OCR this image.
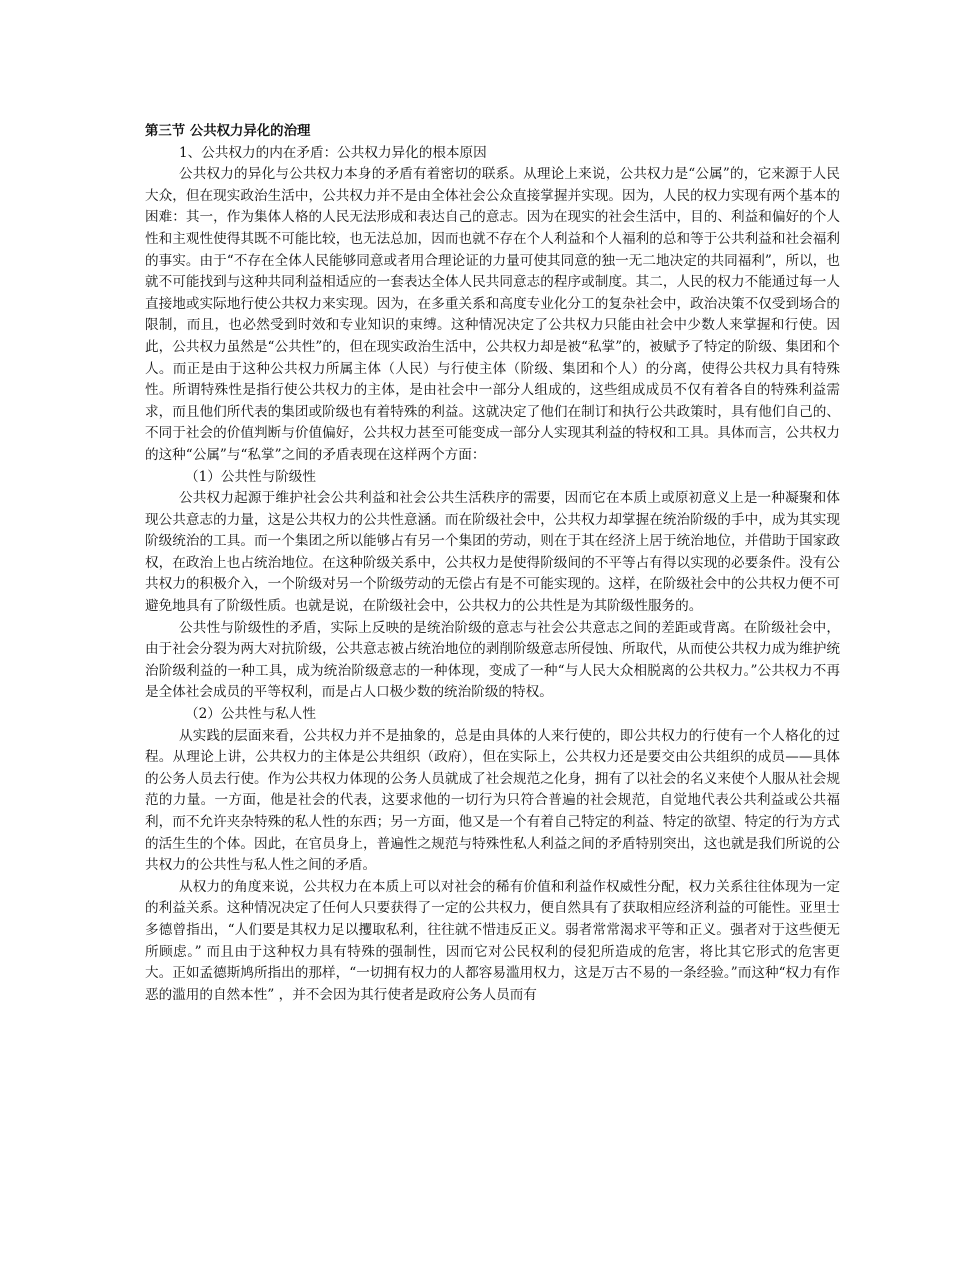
第三节 公共权力异化的治理

1、公共权力的内在矛盾：公共权力异化的根本原因

公共权力的异化与公共权力本身的矛盾有着密切的联系。从理论上来说，公共权力是“公属”的，它来源于人民大众，但在现实政治生活中，公共权力并不是由全体社会公众直接掌握并实现。因为，人民的权力实现有两个基本的困难：其一，作为集体人格的人民无法形成和表达自己的意志。因为在现实的社会生活中，目的、利益和偏好的个人性和主观性使得其既不可能比较，也无法总加，因而也就不存在个人利益和个人福利的总和等于公共利益和社会福利的事实。由于“不存在全体人民能够同意或者用合理论证的力量可使其同意的独一无二地决定的共同福利”，所以，也就不可能找到与这种共同利益相适应的一套表达全体人民共同意志的程序或制度。其二，人民的权力不能通过每一人直接地或实际地行使公共权力来实现。因为，在多重关系和高度专业化分工的复杂社会中，政治决策不仅受到场合的限制，而且，也必然受到时效和专业知识的束缚。这种情况决定了公共权力只能由社会中少数人来掌握和行使。因此，公共权力虽然是“公共性”的，但在现实政治生活中，公共权力却是被“私掌”的，被赋予了特定的阶级、集团和个人。而正是由于这种公共权力所属主体（人民）与行使主体（阶级、集团和个人）的分离，使得公共权力具有特殊性。所谓特殊性是指行使公共权力的主体，是由社会中一部分人组成的，这些组成成员不仅有着各自的特殊利益需求，而且他们所代表的集团或阶级也有着特殊的利益。这就决定了他们在制订和执行公共政策时，具有他们自己的、不同于社会的价值判断与价值偏好，公共权力甚至可能变成一部分人实现其利益的特权和工具。具体而言，公共权力的这种“公属”与“私掌”之间的矛盾表现在这样两个方面：

（1）公共性与阶级性

公共权力起源于维护社会公共利益和社会公共生活秩序的需要，因而它在本质上或原初意义上是一种凝聚和体现公共意志的力量，这是公共权力的公共性意涵。而在阶级社会中，公共权力却掌握在统治阶级的手中，成为其实现阶级统治的工具。而一个集团之所以能够占有另一个集团的劳动，则在于其在经济上居于统治地位，并借助于国家政权，在政治上也占统治地位。在这种阶级关系中，公共权力是使得阶级间的不平等占有得以实现的必要条件。没有公共权力的积极介入，一个阶级对另一个阶级劳动的无偿占有是不可能实现的。这样，在阶级社会中的公共权力便不可避免地具有了阶级性质。也就是说，在阶级社会中，公共权力的公共性是为其阶级性服务的。

公共性与阶级性的矛盾，实际上反映的是统治阶级的意志与社会公共意志之间的差距或背离。在阶级社会中，由于社会分裂为两大对抗阶级，公共意志被占统治地位的剥削阶级意志所侵蚀、所取代，从而使公共权力成为维护统治阶级利益的一种工具，成为统治阶级意志的一种体现，变成了一种“与人民大众相脱离的公共权力。”公共权力不再是全体社会成员的平等权利，而是占人口极少数的统治阶级的特权。

（2）公共性与私人性

从实践的层面来看，公共权力并不是抽象的，总是由具体的人来行使的，即公共权力的行使有一个人格化的过程。从理论上讲，公共权力的主体是公共组织（政府），但在实际上，公共权力还是要交由公共组织的成员——具体的公务人员去行使。作为公共权力体现的公务人员就成了社会规范之化身，拥有了以社会的名义来使个人服从社会规范的力量。一方面，他是社会的代表，这要求他的一切行为只符合普遍的社会规范，自觉地代表公共利益或公共福利，而不允许夹杂特殊的私人性的东西；另一方面，他又是一个有着自己特定的利益、特定的欲望、特定的行为方式的活生生的个体。因此，在官员身上，普遍性之规范与特殊性私人利益之间的矛盾特别突出，这也就是我们所说的公共权力的公共性与私人性之间的矛盾。

从权力的角度来说，公共权力在本质上可以对社会的稀有价值和利益作权威性分配，权力关系往往体现为一定的利益关系。这种情况决定了任何人只要获得了一定的公共权力，便自然具有了获取相应经济利益的可能性。亚里士多德曾指出，“人们要是其权力足以攫取私利，往往就不惜违反正义。弱者常常渴求平等和正义。强者对于这些便无所顾虑。” 而且由于这种权力具有特殊的强制性，因而它对公民权利的侵犯所造成的危害，将比其它形式的危害更大。正如孟德斯鸠所指出的那样，“一切拥有权力的人都容易滥用权力，这是万古不易的一条经验。”而这种“权力有作恶的滥用的自然本性” ，并不会因为其行使者是政府公务人员而有
